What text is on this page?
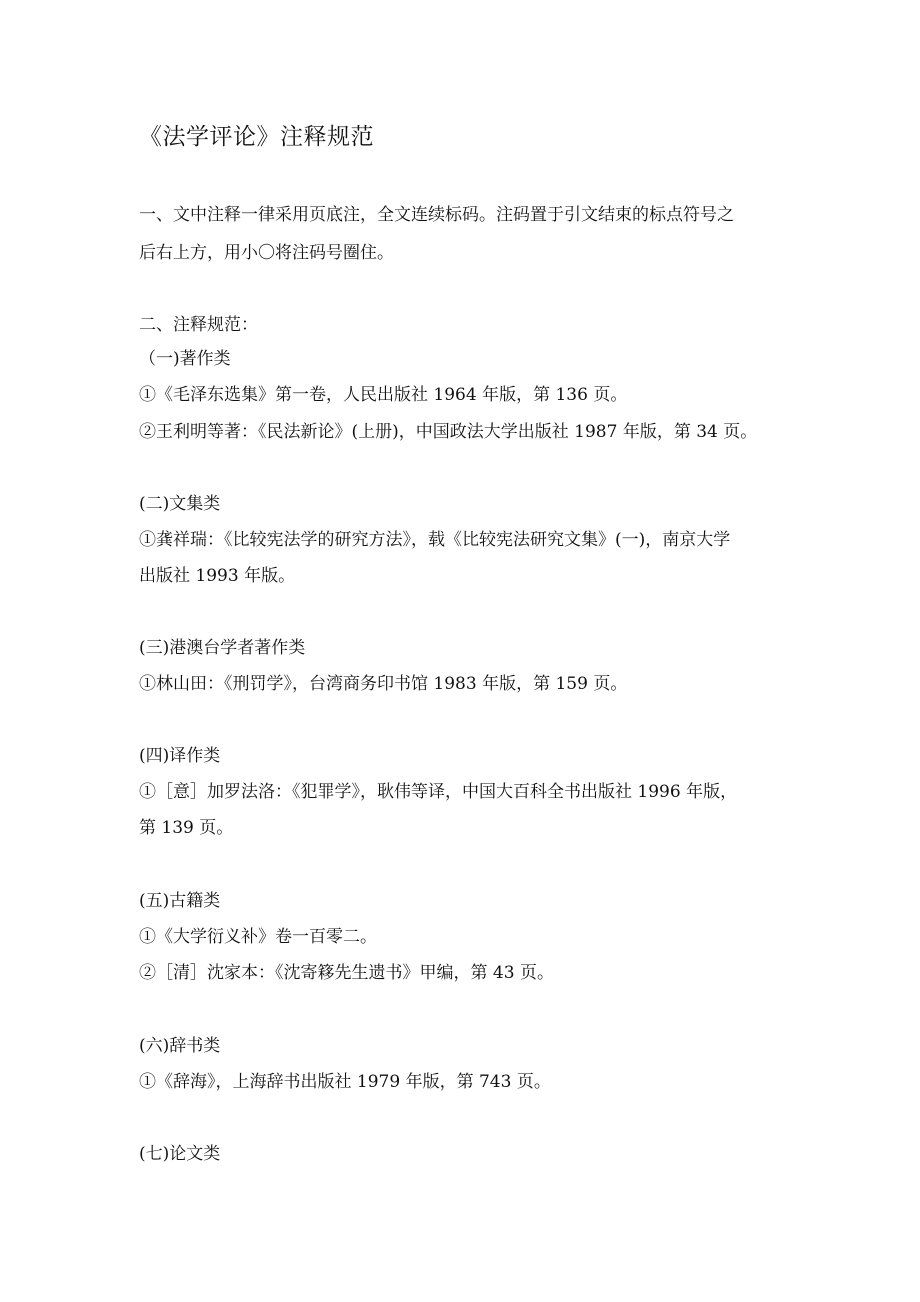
《法学评论》注释规范
一、文中注释一律采用页底注，全文连续标码。注码置于引文结束的标点符号之
后右上方，用小〇将注码号圈住。
二、注释规范：
（一)著作类
①《毛泽东选集》第一卷，人民出版社 1964 年版，第 136 页。
②王利明等著：《民法新论》(上册)，中国政法大学出版社 1987 年版，第 34 页。
(二)文集类
①龚祥瑞：《比较宪法学的研究方法》，载《比较宪法研究文集》(一)，南京大学
出版社 1993 年版。
(三)港澳台学者著作类
①林山田：《刑罚学》，台湾商务印书馆 1983 年版，第 159 页。
(四)译作类
①［意］加罗法洛：《犯罪学》，耿伟等译，中国大百科全书出版社 1996 年版，
第 139 页。
(五)古籍类
①《大学衍义补》卷一百零二。
②［清］沈家本：《沈寄簃先生遗书》甲编，第 43 页。
(六)辞书类
①《辞海》，上海辞书出版社 1979 年版，第 743 页。
(七)论文类
